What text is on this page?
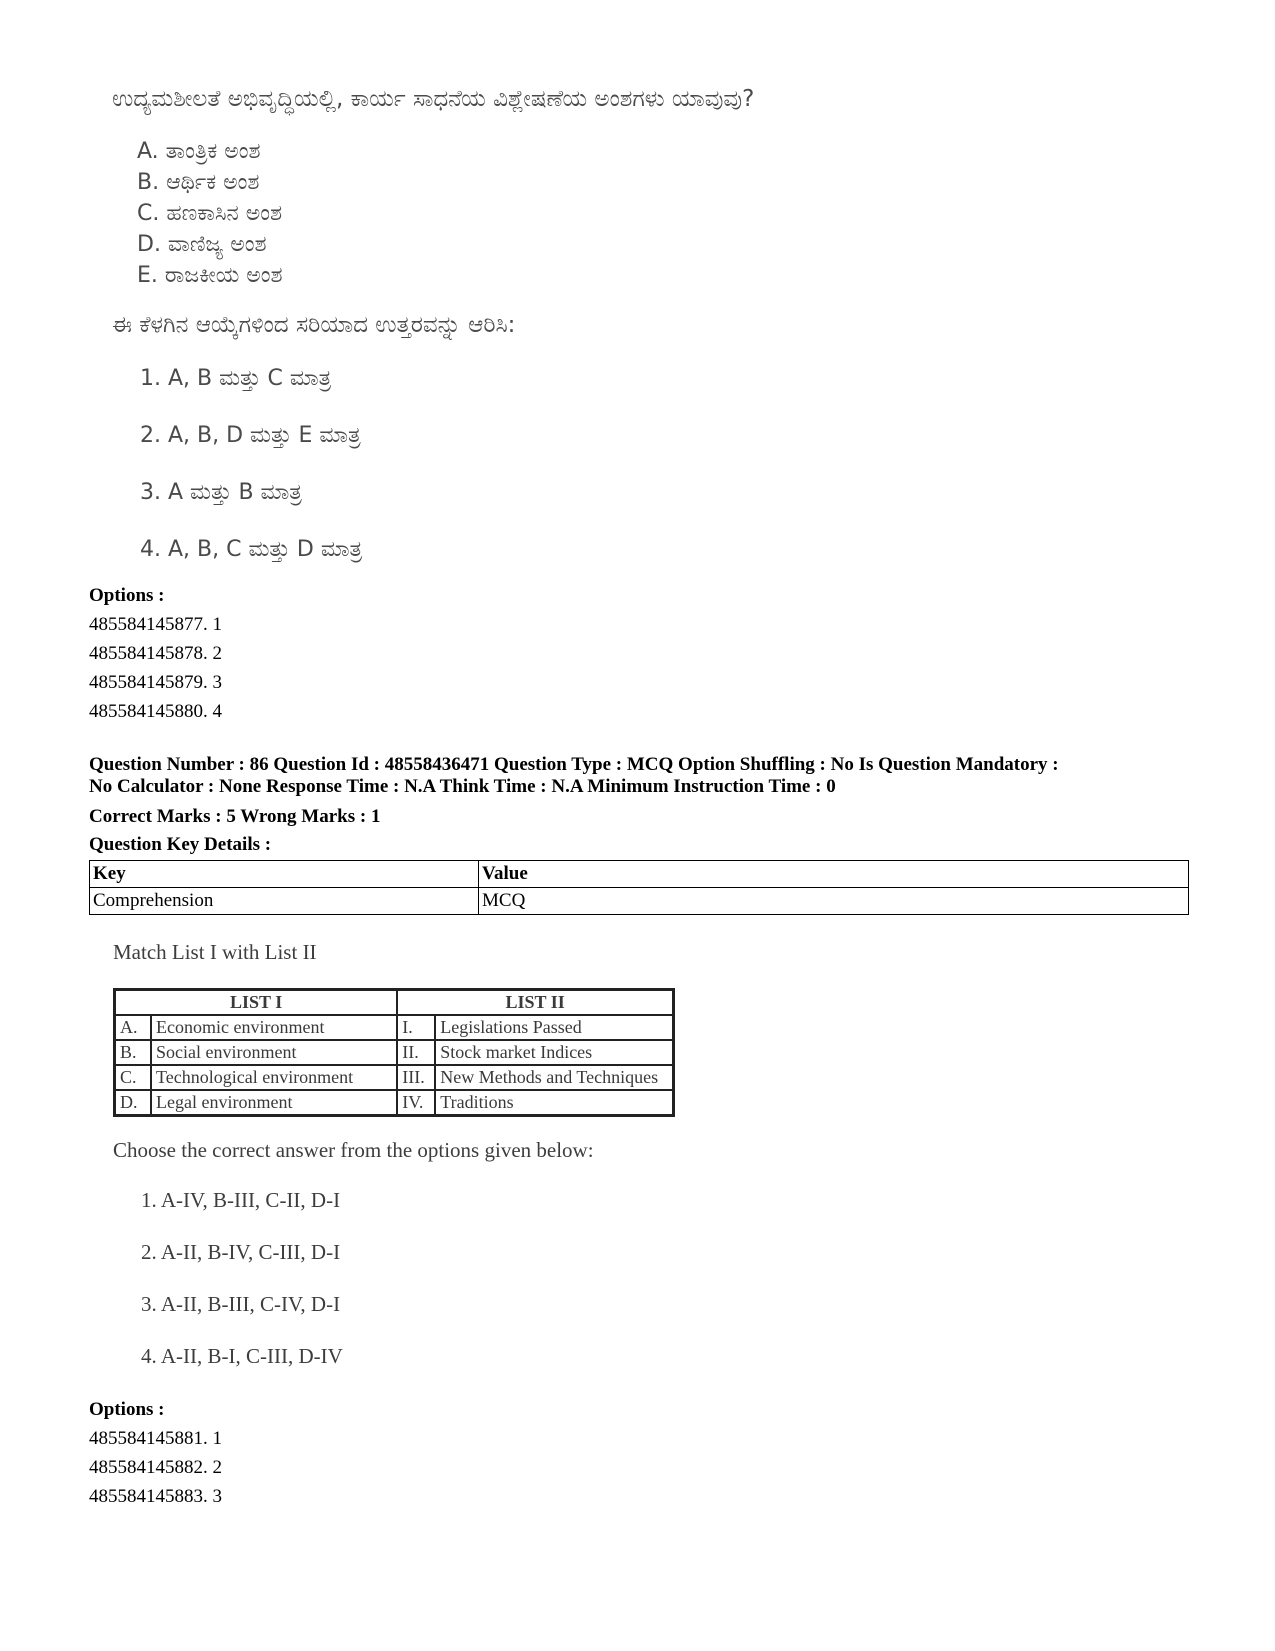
ಉದ್ಯಮಶೀಲತೆ ಅಭಿವೃದ್ಧಿಯಲ್ಲಿ, ಕಾರ್ಯ ಸಾಧನೆಯ ವಿಶ್ಲೇಷಣೆಯ ಅಂಶಗಳು ಯಾವುವು?
A. ತಾಂತ್ರಿಕ ಅಂಶ
B. ಆರ್ಥಿಕ ಅಂಶ
C. ಹಣಕಾಸಿನ ಅಂಶ
D. ವಾಣಿಜ್ಯ ಅಂಶ
E. ರಾಜಕೀಯ ಅಂಶ
ಈ ಕೆಳಗಿನ ಆಯ್ಕೆಗಳಿಂದ ಸರಿಯಾದ ಉತ್ತರವನ್ನು ಆರಿಸಿ:
1. A, B ಮತ್ತು C ಮಾತ್ರ
2. A, B, D ಮತ್ತು E ಮಾತ್ರ
3. A ಮತ್ತು B ಮಾತ್ರ
4. A, B, C ಮತ್ತು D ಮಾತ್ರ
Options :
485584145877. 1
485584145878. 2
485584145879. 3
485584145880. 4
Question Number : 86 Question Id : 48558436471 Question Type : MCQ Option Shuffling : No Is Question Mandatory :
No Calculator : None Response Time : N.A Think Time : N.A Minimum Instruction Time : 0
Correct Marks : 5 Wrong Marks : 1
Question Key Details :
Key	Value
Comprehension	MCQ
Match List I with List II
LIST I		LIST II	
A.	Economic environment	I.	Legislations Passed
B.	Social environment	II.	Stock market Indices
C.	Technological environment	III.	New Methods and Techniques
D.	Legal environment	IV.	Traditions
Choose the correct answer from the options given below:
1. A-IV, B-III, C-II, D-I
2. A-II, B-IV, C-III, D-I
3. A-II, B-III, C-IV, D-I
4. A-II, B-I, C-III, D-IV
Options :
485584145881. 1
485584145882. 2
485584145883. 3
